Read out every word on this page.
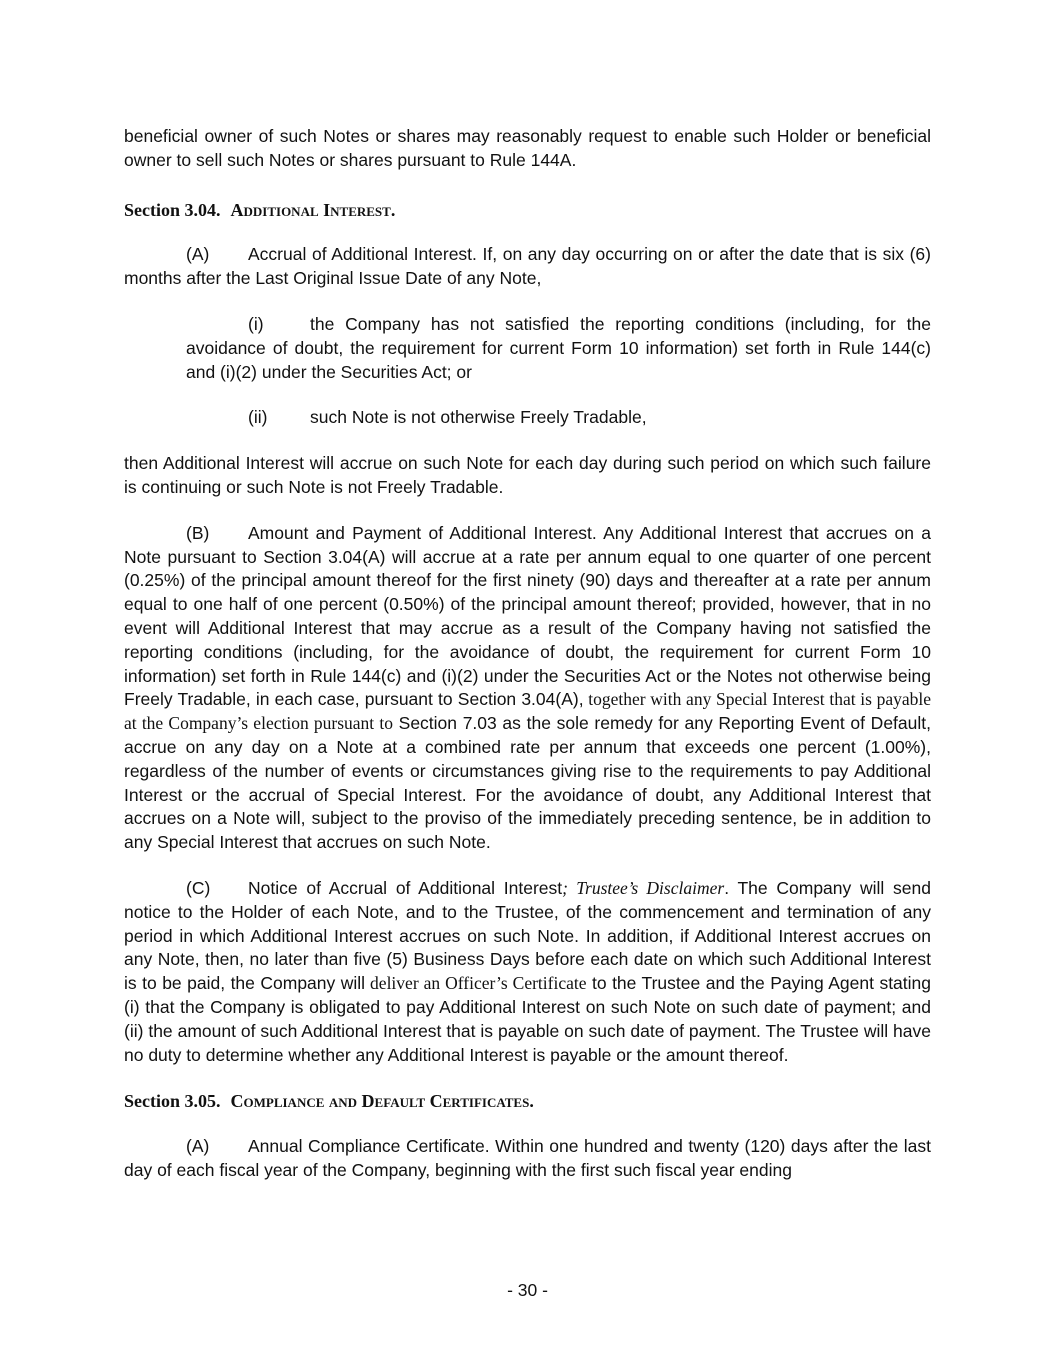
beneficial owner of such Notes or shares may reasonably request to enable such Holder or beneficial owner to sell such Notes or shares pursuant to Rule 144A.

Section 3.04. Additional Interest.

(A) Accrual of Additional Interest. If, on any day occurring on or after the date that is six (6) months after the Last Original Issue Date of any Note,

(i)	the Company has not satisfied the reporting conditions (including, for the avoidance of doubt, the requirement for current Form 10 information) set forth in Rule 144(c) and (i)(2) under the Securities Act; or

(ii) such Note is not otherwise Freely Tradable,

then Additional Interest will accrue on such Note for each day during such period on which such failure is continuing or such Note is not Freely Tradable.

(B) Amount and Payment of Additional Interest. Any Additional Interest that accrues on a Note pursuant to Section 3.04(A) will accrue at a rate per annum equal to one quarter of one percent (0.25%) of the principal amount thereof for the first ninety (90) days and thereafter at a rate per annum equal to one half of one percent (0.50%) of the principal amount thereof; provided, however, that in no event will Additional Interest that may accrue as a result of the Company having not satisfied the reporting conditions (including, for the avoidance of doubt, the requirement for current Form 10 information) set forth in Rule 144(c) and (i)(2) under the Securities Act or the Notes not otherwise being Freely Tradable, in each case, pursuant to Section 3.04(A), together with any Special Interest that is payable at the Company’s election pursuant to Section 7.03 as the sole remedy for any Reporting Event of Default, accrue on any day on a Note at a combined rate per annum that exceeds one percent (1.00%), regardless of the number of events or circumstances giving rise to the requirements to pay Additional Interest or the accrual of Special Interest. For the avoidance of doubt, any Additional Interest that accrues on a Note will, subject to the proviso of the immediately preceding sentence, be in addition to any Special Interest that accrues on such Note.

(C) Notice of Accrual of Additional Interest; Trustee’s Disclaimer. The Company will send notice to the Holder of each Note, and to the Trustee, of the commencement and termination of any period in which Additional Interest accrues on such Note. In addition, if Additional Interest accrues on any Note, then, no later than five (5) Business Days before each date on which such Additional Interest is to be paid, the Company will deliver an Officer’s Certificate to the Trustee and the Paying Agent stating (i) that the Company is obligated to pay Additional Interest on such Note on such date of payment; and (ii) the amount of such Additional Interest that is payable on such date of payment. The Trustee will have no duty to determine whether any Additional Interest is payable or the amount thereof.

Section 3.05. Compliance and Default Certificates.

(A) Annual Compliance Certificate. Within one hundred and twenty (120) days after the last day of each fiscal year of the Company, beginning with the first such fiscal year ending

- 30 -
